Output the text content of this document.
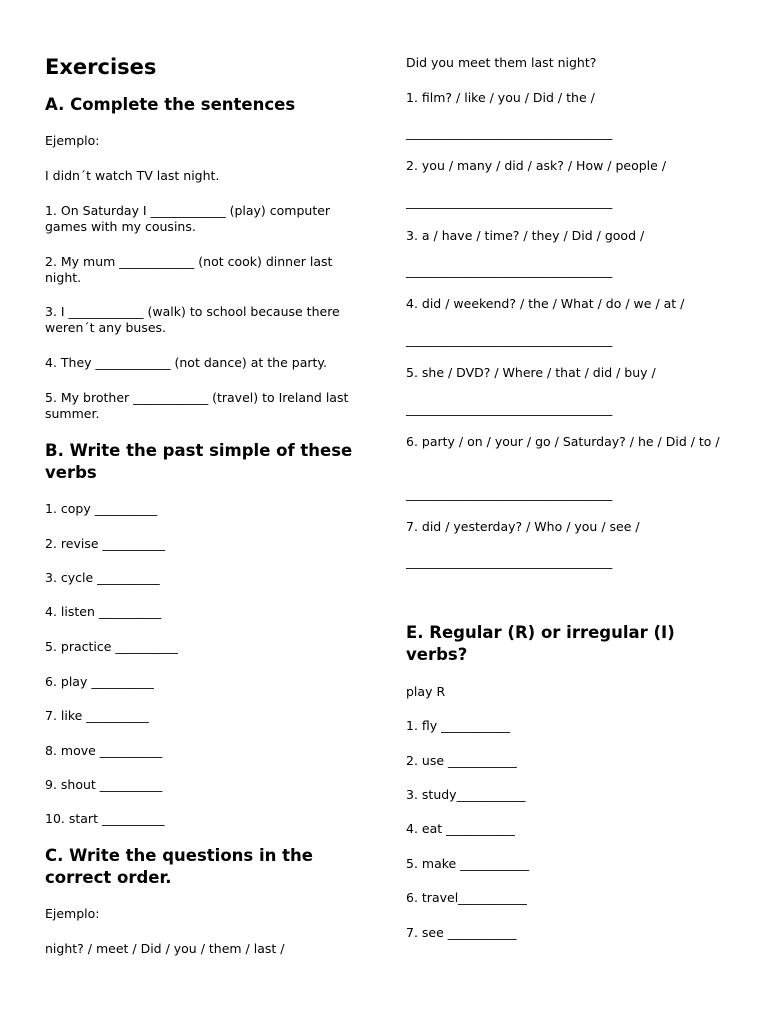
Exercises
A. Complete the sentences
Ejemplo:
I didn´t watch TV last night.
1. On Saturday I ____________ (play) computer games with my cousins.
2. My mum ____________ (not cook) dinner last night.
3. I ____________ (walk) to school because there weren´t any buses.
4. They ____________ (not dance) at the party.
5. My brother ____________ (travel) to Ireland last summer.
B. Write the past simple of these verbs
1. copy __________
2. revise __________
3. cycle __________
4. listen __________
5. practice __________
6. play __________
7. like __________
8. move __________
9. shout __________
10. start __________
C. Write the questions in the correct order.
Ejemplo:
night? / meet / Did / you / them / last /
Did you meet them last night?
1. film? / like / you / Did / the /
_________________________________
2. you / many / did / ask? / How / people /
_________________________________
3. a / have / time? / they / Did / good /
_________________________________
4. did / weekend? / the / What / do / we / at /
_________________________________
5. she / DVD? / Where / that / did / buy /
_________________________________
6. party / on / your / go / Saturday? / he / Did / to /
_________________________________
7. did / yesterday? / Who / you / see /
_________________________________
E. Regular (R) or irregular (I) verbs?
play R
1. fly ___________
2. use ___________
3. study___________
4. eat ___________
5. make ___________
6. travel___________
7. see ___________
